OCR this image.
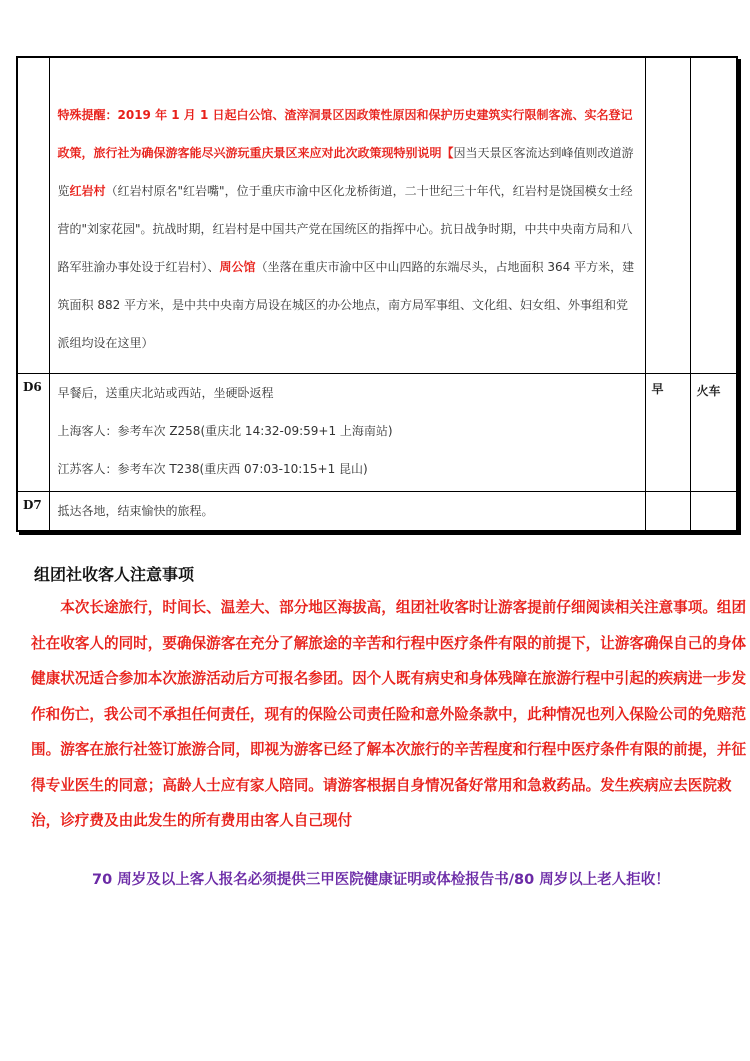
	特殊提醒：2019 年 1 月 1 日起白公馆、渣滓洞景区因政策性原因和保护历史建筑实行限制客流、实名登记政策，旅行社为确保游客能尽兴游玩重庆景区来应对此次政策现特别说明【因当天景区客流达到峰值则改道游览红岩村（红岩村原名"红岩嘴"，位于重庆市渝中区化龙桥街道，二十世纪三十年代，红岩村是饶国模女士经营的"刘家花园"。抗战时期，红岩村是中国共产党在国统区的指挥中心。抗日战争时期，中共中央南方局和八路军驻渝办事处设于红岩村）、周公馆（坐落在重庆市渝中区中山四路的东端尽头，占地面积 364 平方米，建筑面积 882 平方米，是中共中央南方局设在城区的办公地点，南方局军事组、文化组、妇女组、外事组和党派组均设在这里）		

D6	早餐后，送重庆北站或西站，坐硬卧返程

上海客人：参考车次 Z258(重庆北 14:32-09:59+1 上海南站)

江苏客人：参考车次 T238(重庆西 07:03-10:15+1 昆山)	早	火车

D7	抵达各地，结束愉快的旅程。		

组团社收客人注意事项

本次长途旅行，时间长、温差大、部分地区海拔高，组团社收客时让游客提前仔细阅读相关注意事项。组团社在收客人的同时，要确保游客在充分了解旅途的辛苦和行程中医疗条件有限的前提下，让游客确保自己的身体健康状况适合参加本次旅游活动后方可报名参团。因个人既有病史和身体残障在旅游行程中引起的疾病进一步发作和伤亡，我公司不承担任何责任，现有的保险公司责任险和意外险条款中，此种情况也列入保险公司的免赔范围。游客在旅行社签订旅游合同，即视为游客已经了解本次旅行的辛苦程度和行程中医疗条件有限的前提，并征得专业医生的同意；高龄人士应有家人陪同。请游客根据自身情况备好常用和急救药品。发生疾病应去医院救治，诊疗费及由此发生的所有费用由客人自己现付

70 周岁及以上客人报名必须提供三甲医院健康证明或体检报告书/80 周岁以上老人拒收！
